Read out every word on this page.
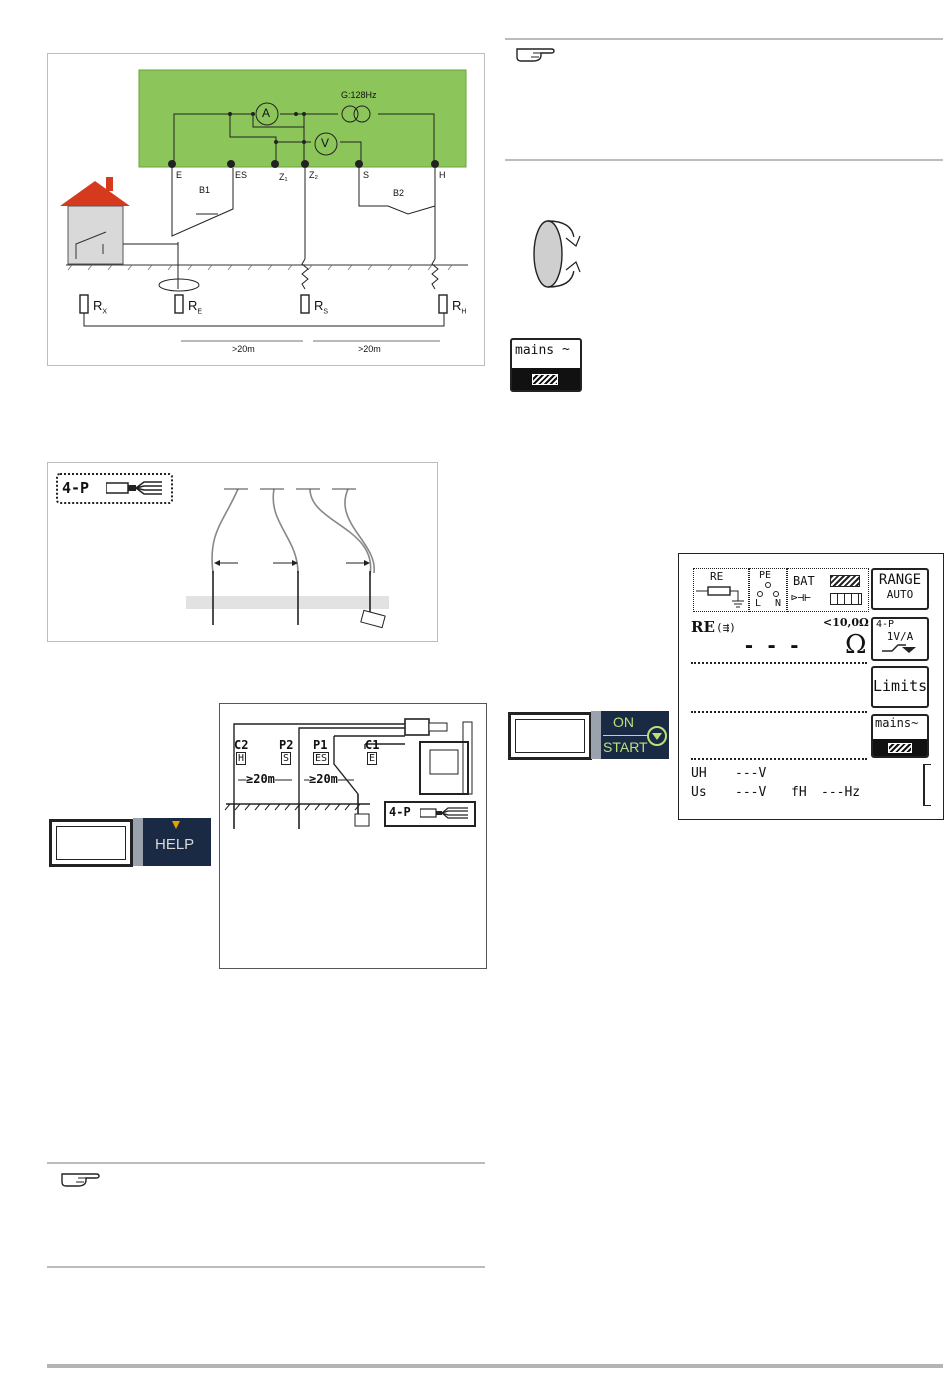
G:128Hz
A
V
E	ES	Z₁ Z₂	S	H
B1	B2
$R_X$	$R_E$	$R_S$	$R_H$
>20m	>20m
4-P
HELP
C2	P2 P1	C1
H	S	ES	E
≥20m	≥20m
4-P
mains ~
ON
START
RE	PE
L N
BAT
⊳⊣⊢
RANGE
AUTO
4-P
1V/A
Limits
mains~
RE (⇶)	<10,0Ω
- - - Ω
UH ---V
Us ---V fH ---Hz
